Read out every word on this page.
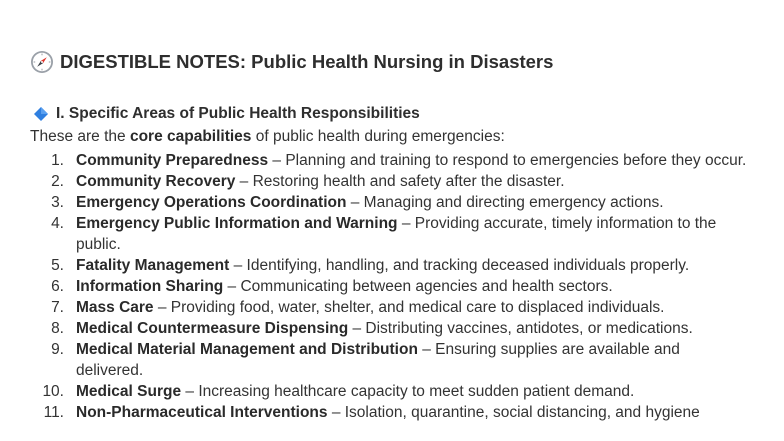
DIGESTIBLE NOTES: Public Health Nursing in Disasters
I. Specific Areas of Public Health Responsibilities
These are the core capabilities of public health during emergencies:
1. Community Preparedness – Planning and training to respond to emergencies before they occur.
2. Community Recovery – Restoring health and safety after the disaster.
3. Emergency Operations Coordination – Managing and directing emergency actions.
4. Emergency Public Information and Warning – Providing accurate, timely information to the public.
5. Fatality Management – Identifying, handling, and tracking deceased individuals properly.
6. Information Sharing – Communicating between agencies and health sectors.
7. Mass Care – Providing food, water, shelter, and medical care to displaced individuals.
8. Medical Countermeasure Dispensing – Distributing vaccines, antidotes, or medications.
9. Medical Material Management and Distribution – Ensuring supplies are available and delivered.
10. Medical Surge – Increasing healthcare capacity to meet sudden patient demand.
11. Non-Pharmaceutical Interventions – Isolation, quarantine, social distancing, and hygiene
